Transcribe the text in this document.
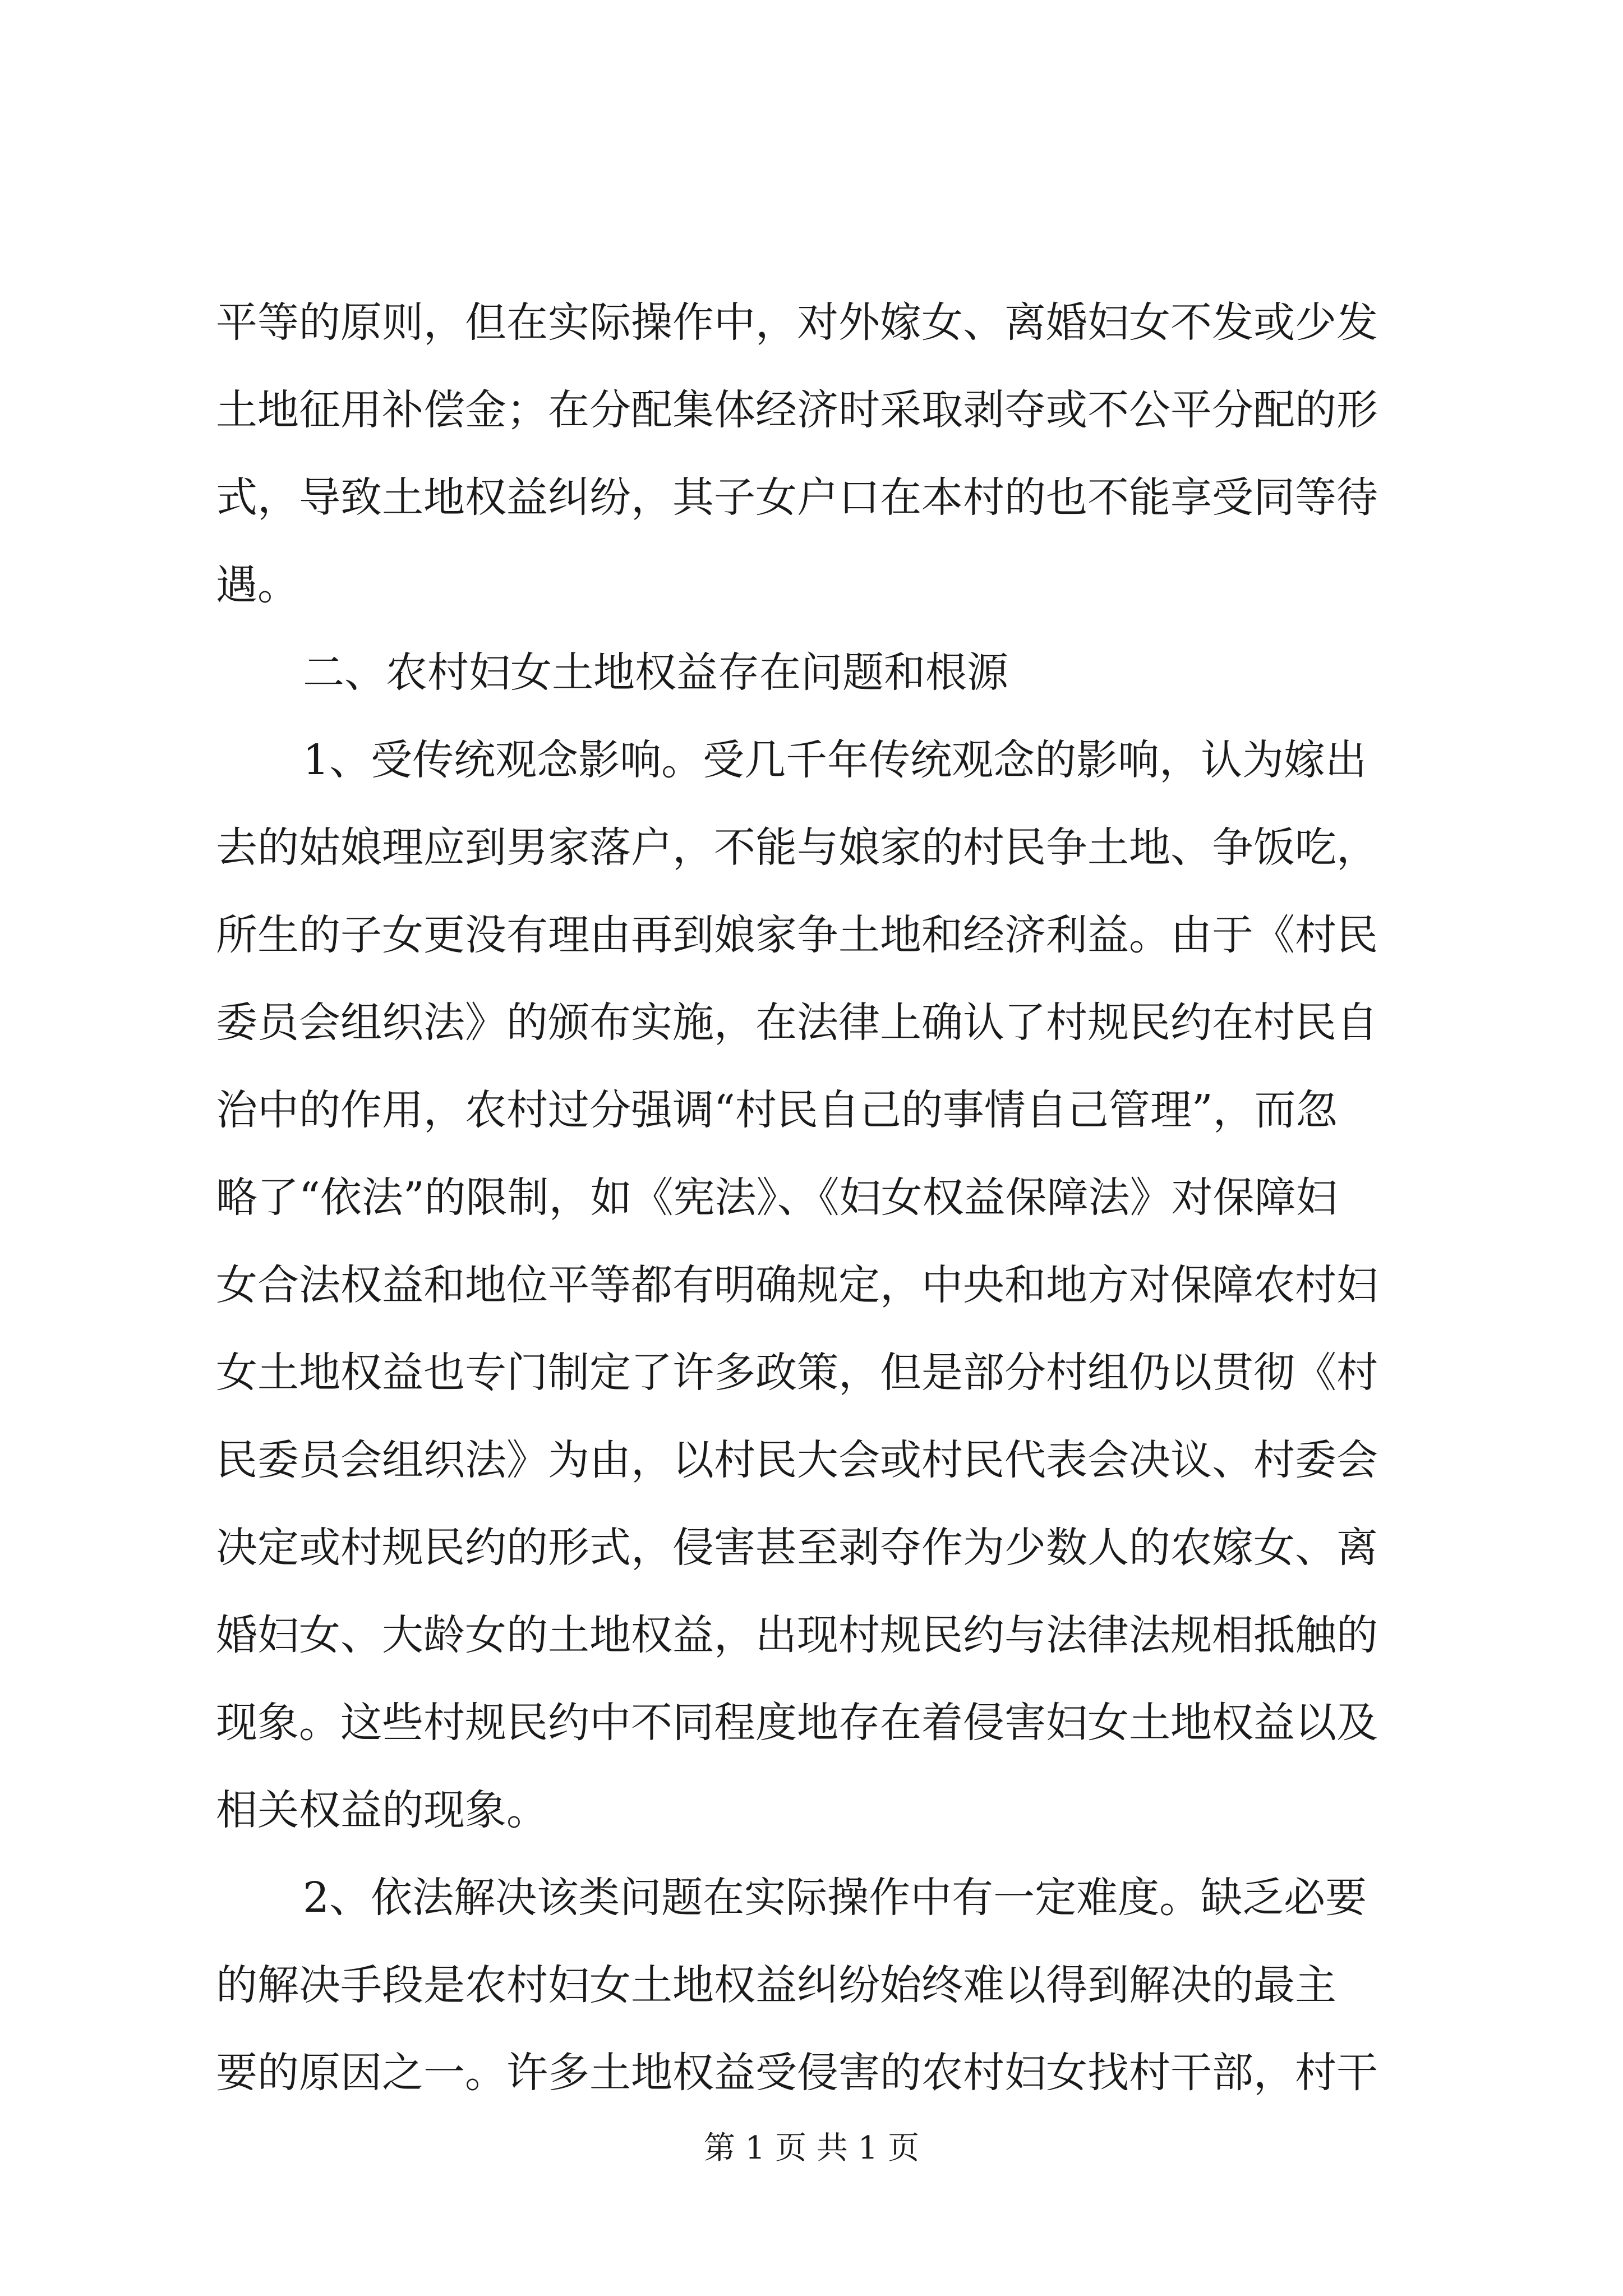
平等的原则，但在实际操作中，对外嫁女、离婚妇女不发或少发
土地征用补偿金；在分配集体经济时采取剥夺或不公平分配的形
式，导致土地权益纠纷，其子女户口在本村的也不能享受同等待
遇。
二、农村妇女土地权益存在问题和根源
1、受传统观念影响。受几千年传统观念的影响，认为嫁出
去的姑娘理应到男家落户，不能与娘家的村民争土地、争饭吃，
所生的子女更没有理由再到娘家争土地和经济利益。由于《村民
委员会组织法》的颁布实施，在法律上确认了村规民约在村民自
治中的作用，农村过分强调“村民自己的事情自己管理”，而忽
略了“依法”的限制，如《宪法》、《妇女权益保障法》对保障妇
女合法权益和地位平等都有明确规定，中央和地方对保障农村妇
女土地权益也专门制定了许多政策，但是部分村组仍以贯彻《村
民委员会组织法》为由，以村民大会或村民代表会决议、村委会
决定或村规民约的形式，侵害甚至剥夺作为少数人的农嫁女、离
婚妇女、大龄女的土地权益，出现村规民约与法律法规相抵触的
现象。这些村规民约中不同程度地存在着侵害妇女土地权益以及
相关权益的现象。
2、依法解决该类问题在实际操作中有一定难度。缺乏必要
的解决手段是农村妇女土地权益纠纷始终难以得到解决的最主
要的原因之一。许多土地权益受侵害的农村妇女找村干部，村干
第 1 页 共 1 页
